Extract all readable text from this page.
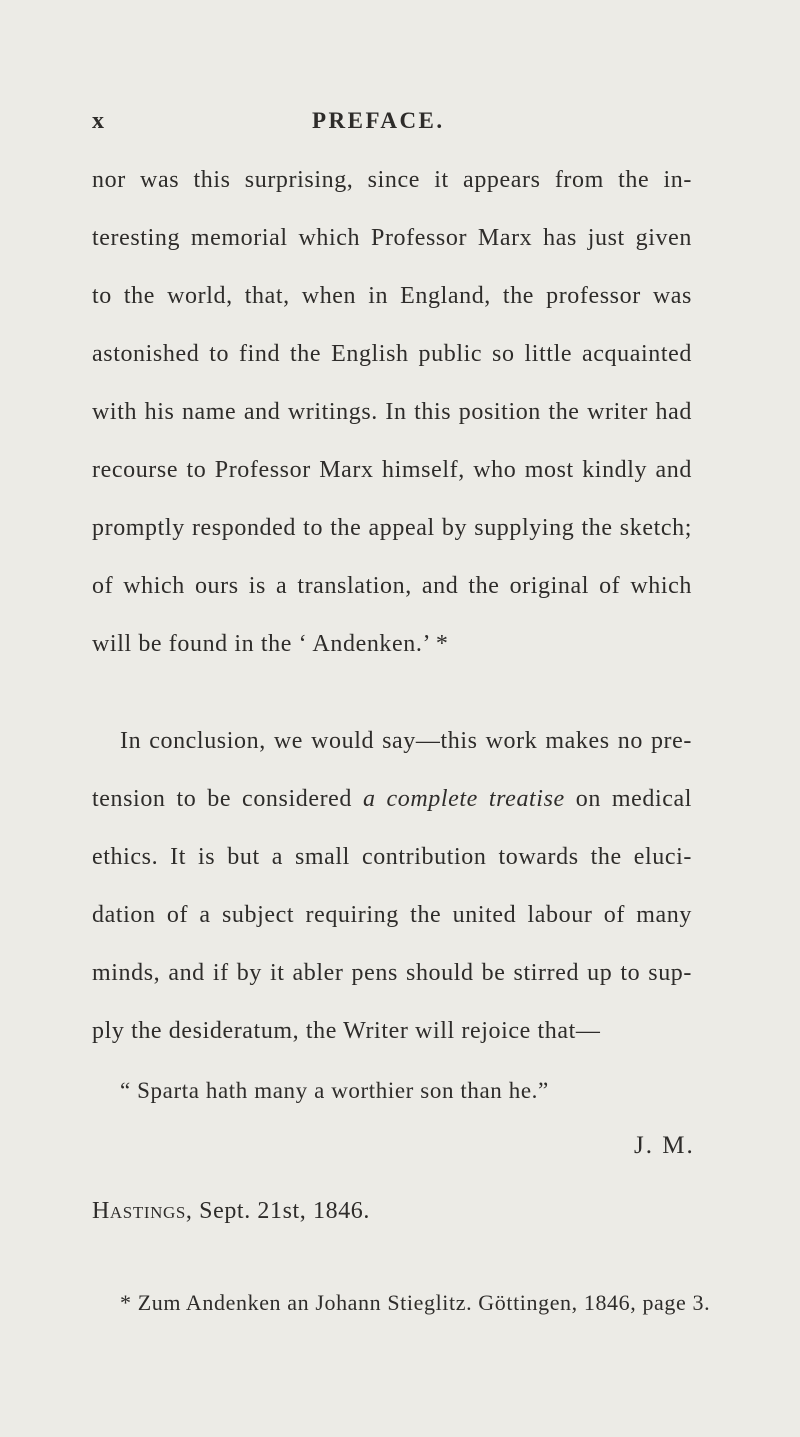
x	PREFACE.
nor was this surprising, since it appears from the in-
teresting memorial which Professor Marx has just given
to the world, that, when in England, the professor was
astonished to find the English public so little acquainted
with his name and writings. In this position the writer had
recourse to Professor Marx himself, who most kindly and
promptly responded to the appeal by supplying the sketch;
of which ours is a translation, and the original of which
will be found in the ‘ Andenken.’ *
In conclusion, we would say—this work makes no pre-
tension to be considered a complete treatise on medical
ethics. It is but a small contribution towards the eluci-
dation of a subject requiring the united labour of many
minds, and if by it abler pens should be stirred up to sup-
ply the desideratum, the Writer will rejoice that—
“ Sparta hath many a worthier son than he.”
J. M.
Hastings, Sept. 21st, 1846.
* Zum Andenken an Johann Stieglitz. Göttingen, 1846, page 3.
